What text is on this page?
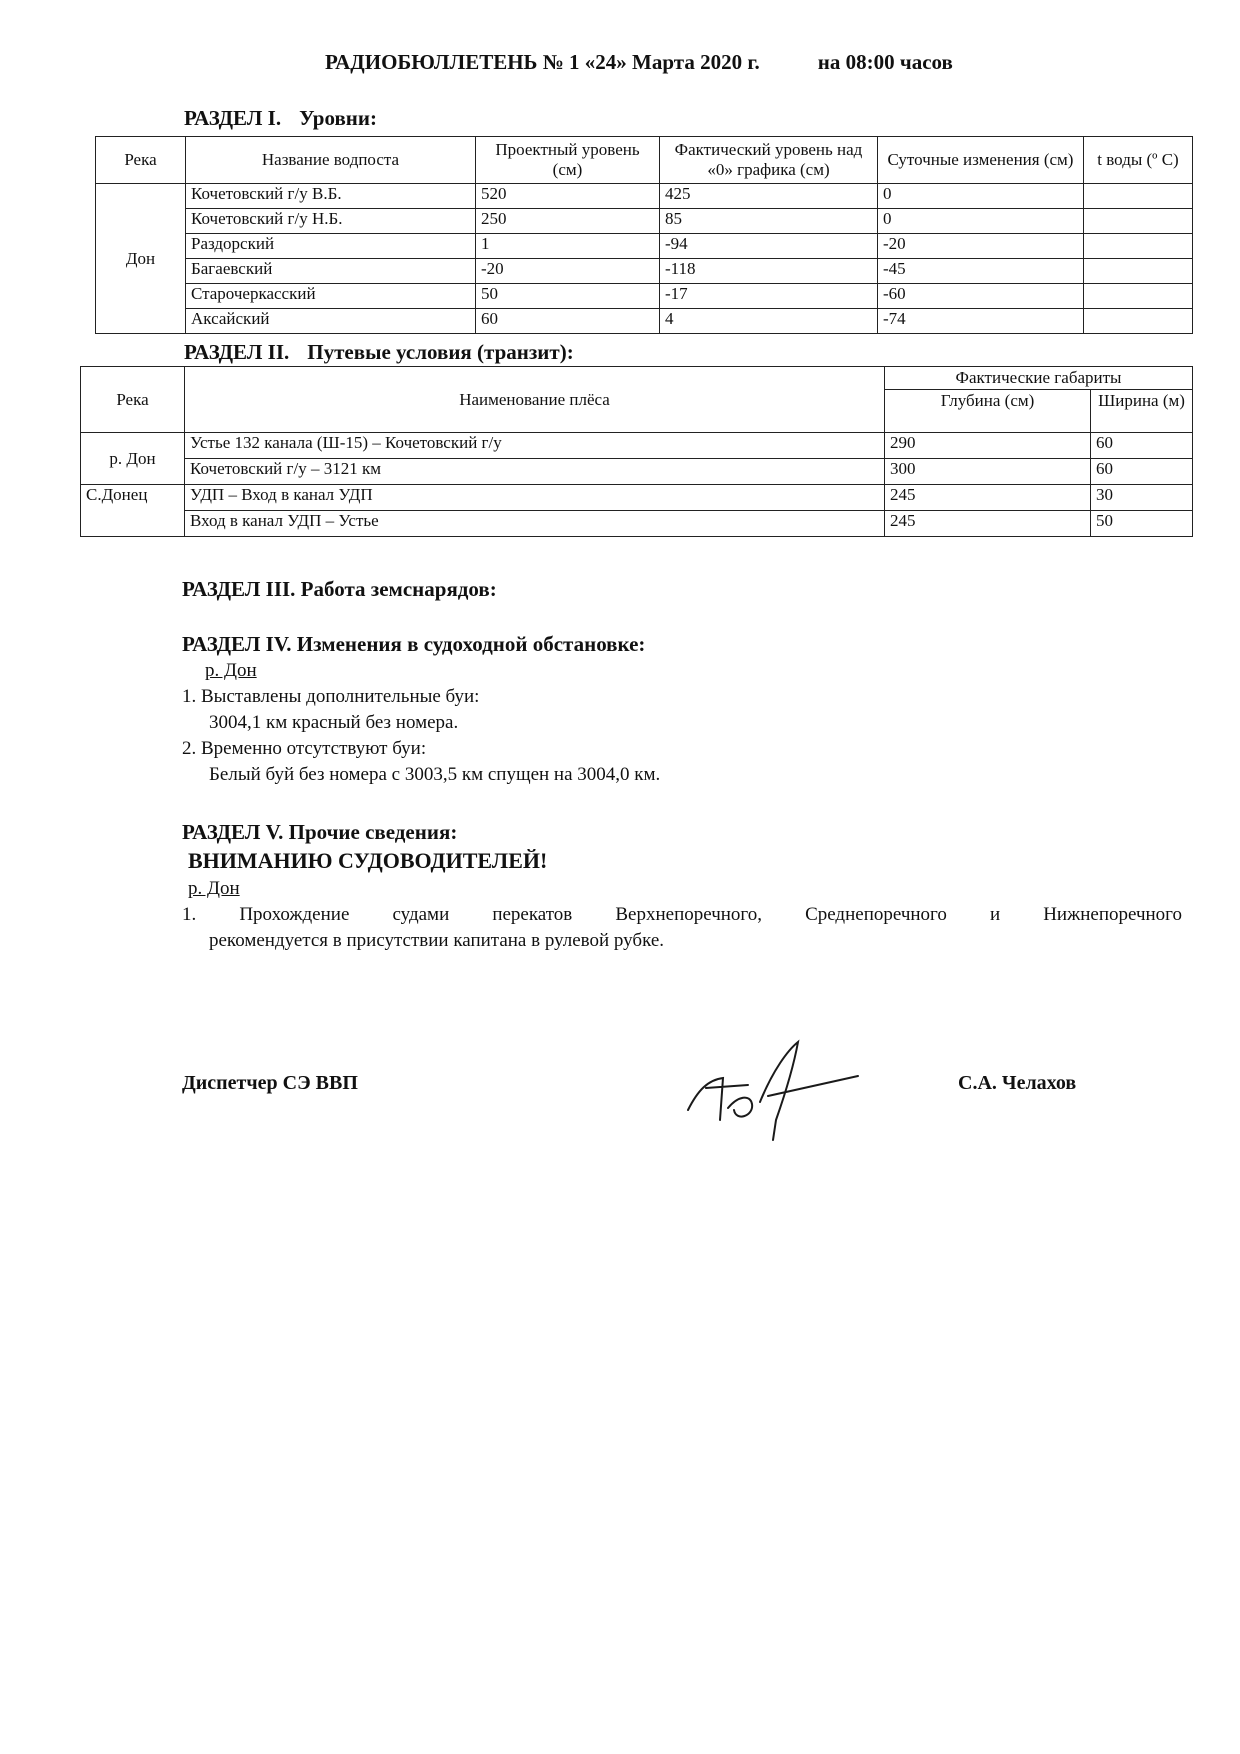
РАДИОБЮЛЛЕТЕНЬ № 1 «24» Марта 2020 г.	на 08:00 часов
РАЗДЕЛ I. Уровни:
Река	Название водпоста	Проектный уровень (см)	Фактический уровень над «0» графика (см)	Суточные изменения (см)	t воды (º С)
Дон	Кочетовский г/у В.Б.	520	425	0	
	Кочетовский г/у Н.Б.	250	85	0	
	Раздорский	1	-94	-20	
	Багаевский	-20	-118	-45	
	Старочеркасский	50	-17	-60	
	Аксайский	60	4	-74	
РАЗДЕЛ II. Путевые условия (транзит):
Река	Наименование плёса	Фактические габариты	
		Глубина (см)	Ширина (м)
р. Дон	Устье 132 канала (Ш-15) – Кочетовский г/у	290	60
	Кочетовский г/у – 3121 км	300	60
С.Донец	УДП – Вход в канал УДП	245	30
	Вход в канал УДП – Устье	245	50
РАЗДЕЛ III. Работа земснарядов:
РАЗДЕЛ IV. Изменения в судоходной обстановке:
р. Дон
1. Выставлены дополнительные буи:
3004,1 км красный без номера.
2. Временно отсутствуют буи:
Белый буй без номера с 3003,5 км спущен на 3004,0 км.
РАЗДЕЛ V. Прочие сведения:
ВНИМАНИЮ СУДОВОДИТЕЛЕЙ!
р. Дон
1. Прохождение судами перекатов Верхнепоречного, Среднепоречного и Нижнепоречного
рекомендуется в присутствии капитана в рулевой рубке.
Диспетчер СЭ ВВП	С.А. Челахов
